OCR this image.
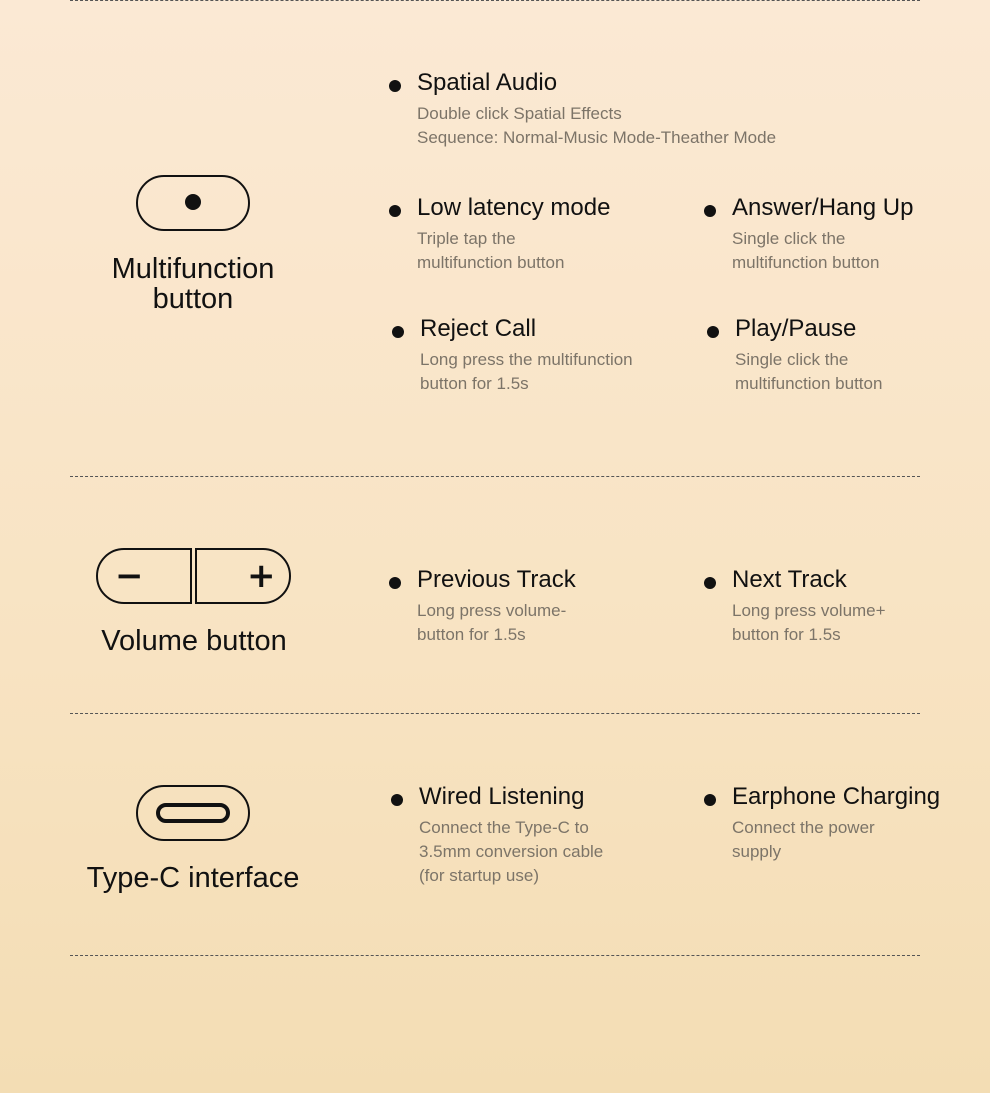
Multifunction
button
Spatial Audio
Double click Spatial Effects
Sequence: Normal-Music Mode-Theather Mode
Low latency mode
Triple tap the
multifunction button
Answer/Hang Up
Single click the
multifunction button
Reject Call
Long press the multifunction
button for 1.5s
Play/Pause
Single click the
multifunction button
−	+
Volume button
Previous Track
Long press volume-
button for 1.5s
Next Track
Long press volume+
button for 1.5s
Type-C interface
Wired Listening
Connect the Type-C to
3.5mm conversion cable
(for startup use)
Earphone Charging
Connect the power
supply
